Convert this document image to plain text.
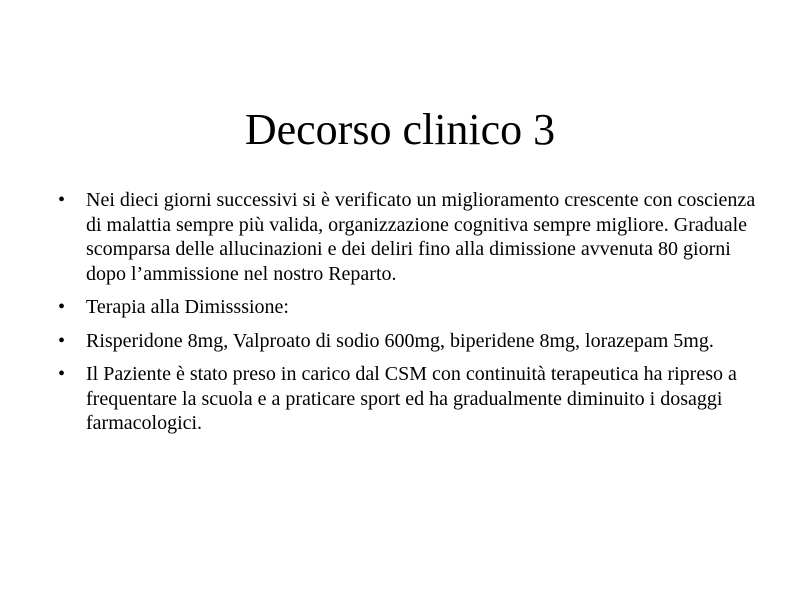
Decorso clinico 3
•	Nei dieci giorni successivi si è verificato un miglioramento crescente con coscienza di malattia sempre più valida, organizzazione cognitiva sempre migliore. Graduale scomparsa delle allucinazioni e dei deliri fino alla dimissione avvenuta 80 giorni dopo l’ammissione nel nostro Reparto.
•	Terapia alla Dimisssione:
•	Risperidone 8mg, Valproato di sodio 600mg, biperidene 8mg, lorazepam 5mg.
•	Il Paziente è stato preso in carico dal CSM con continuità terapeutica ha ripreso a frequentare la scuola e a praticare sport ed ha gradualmente diminuito i dosaggi farmacologici.
